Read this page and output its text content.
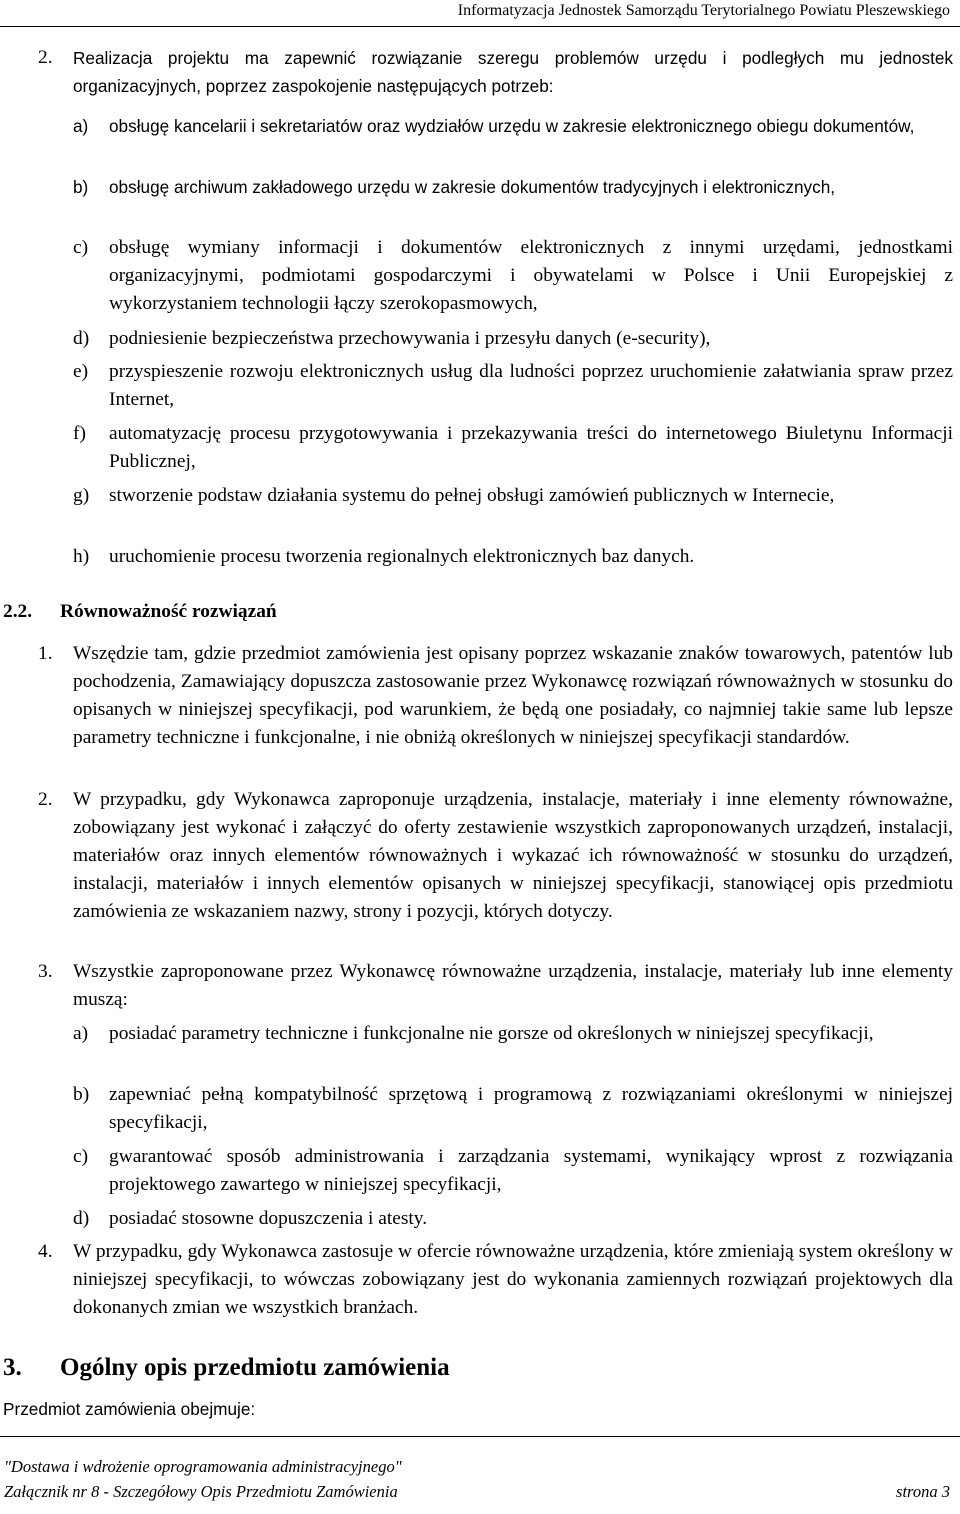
Informatyzacja Jednostek Samorządu Terytorialnego Powiatu Pleszewskiego
2. Realizacja projektu ma zapewnić rozwiązanie szeregu problemów urzędu i podległych mu jednostek organizacyjnych, poprzez zaspokojenie następujących potrzeb:
a) obsługę kancelarii i sekretariatów oraz wydziałów urzędu w zakresie elektronicznego obiegu dokumentów,
b) obsługę archiwum zakładowego urzędu w zakresie dokumentów tradycyjnych i elektronicznych,
c) obsługę wymiany informacji i dokumentów elektronicznych z innymi urzędami, jednostkami organizacyjnymi, podmiotami gospodarczymi i obywatelami w Polsce i Unii Europejskiej z wykorzystaniem technologii łączy szerokopasmowych,
d) podniesienie bezpieczeństwa przechowywania i przesyłu danych (e-security),
e) przyspieszenie rozwoju elektronicznych usług dla ludności poprzez uruchomienie załatwiania spraw przez Internet,
f) automatyzację procesu przygotowywania i przekazywania treści do internetowego Biuletynu Informacji Publicznej,
g) stworzenie podstaw działania systemu do pełnej obsługi zamówień publicznych w Internecie,
h) uruchomienie procesu tworzenia regionalnych elektronicznych baz danych.
2.2. Równoważność rozwiązań
1. Wszędzie tam, gdzie przedmiot zamówienia jest opisany poprzez wskazanie znaków towarowych, patentów lub pochodzenia, Zamawiający dopuszcza zastosowanie przez Wykonawcę rozwiązań równoważnych w stosunku do opisanych w niniejszej specyfikacji, pod warunkiem, że będą one posiadały, co najmniej takie same lub lepsze parametry techniczne i funkcjonalne, i nie obniżą określonych w niniejszej specyfikacji standardów.
2. W przypadku, gdy Wykonawca zaproponuje urządzenia, instalacje, materiały i inne elementy równoważne, zobowiązany jest wykonać i załączyć do oferty zestawienie wszystkich zaproponowanych urządzeń, instalacji, materiałów oraz innych elementów równoważnych i wykazać ich równoważność w stosunku do urządzeń, instalacji, materiałów i innych elementów opisanych w niniejszej specyfikacji, stanowiącej opis przedmiotu zamówienia ze wskazaniem nazwy, strony i pozycji, których dotyczy.
3. Wszystkie zaproponowane przez Wykonawcę równoważne urządzenia, instalacje, materiały lub inne elementy muszą:
a) posiadać parametry techniczne i funkcjonalne nie gorsze od określonych w niniejszej specyfikacji,
b) zapewniać pełną kompatybilność sprzętową i programową z rozwiązaniami określonymi w niniejszej specyfikacji,
c) gwarantować sposób administrowania i zarządzania systemami, wynikający wprost z rozwiązania projektowego zawartego w niniejszej specyfikacji,
d) posiadać stosowne dopuszczenia i atesty.
4. W przypadku, gdy Wykonawca zastosuje w ofercie równoważne urządzenia, które zmieniają system określony w niniejszej specyfikacji, to wówczas zobowiązany jest do wykonania zamiennych rozwiązań projektowych dla dokonanych zmian we wszystkich branżach.
3. Ogólny opis przedmiotu zamówienia
Przedmiot zamówienia obejmuje:
"Dostawa i wdrożenie oprogramowania administracyjnego"
Załącznik nr 8 - Szczegółowy Opis Przedmiotu Zamówienia	strona 3
